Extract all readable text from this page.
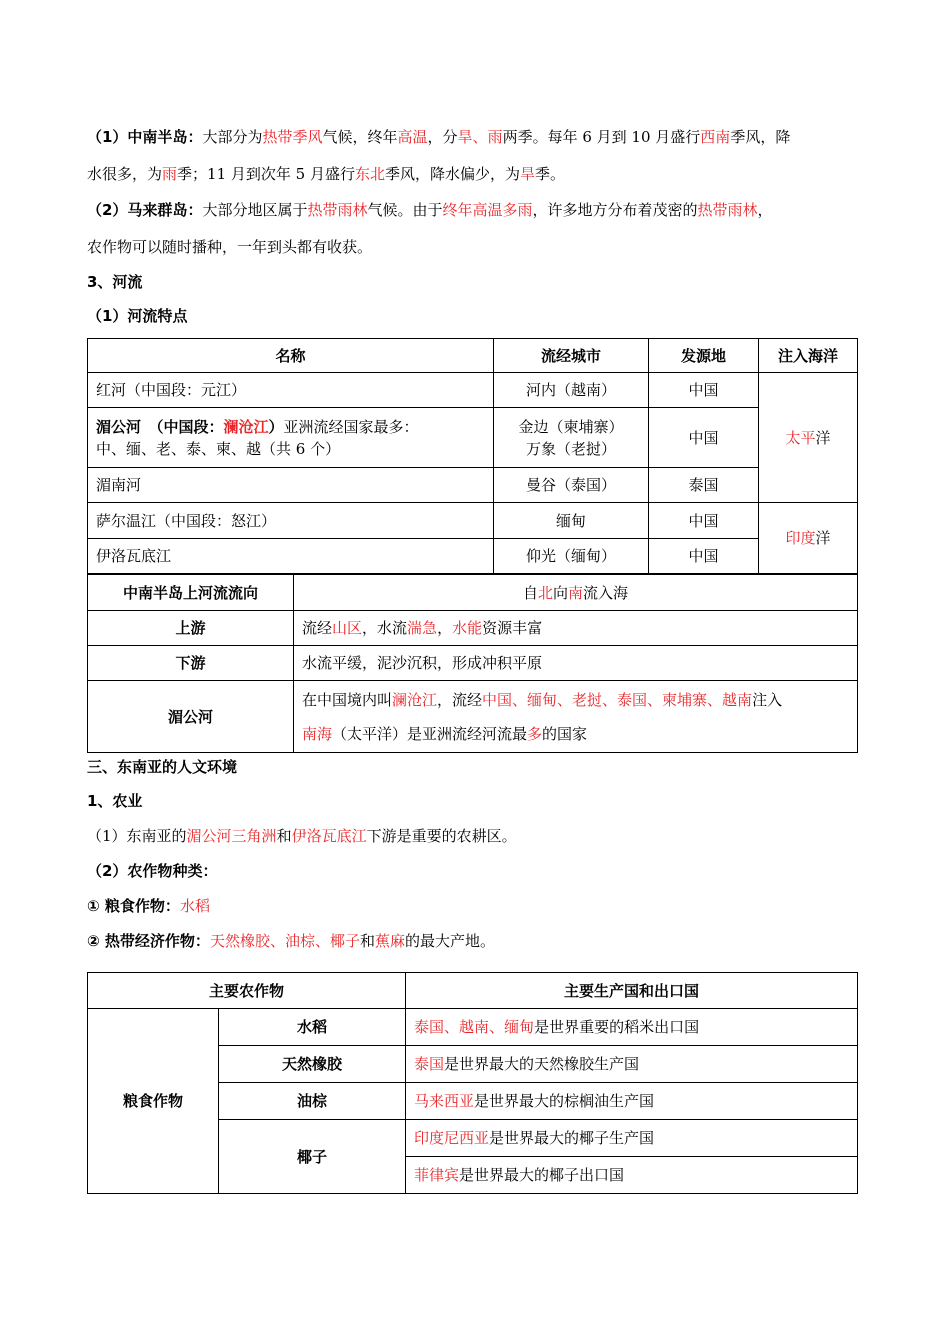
（1）中南半岛：大部分为热带季风气候，终年高温，分旱、雨两季。每年 6 月到 10 月盛行西南季风，降
水很多，为雨季；11 月到次年 5 月盛行东北季风，降水偏少，为旱季。
（2）马来群岛：大部分地区属于热带雨林气候。由于终年高温多雨，许多地方分布着茂密的热带雨林，
农作物可以随时播种，一年到头都有收获。
3、河流
（1）河流特点
名称	流经城市	发源地	注入海洋
红河（中国段：元江）	河内（越南）	中国	太平洋
湄公河　（中国段：澜沧江）亚洲流经国家最多：
中、缅、老、泰、柬、越（共 6 个）	金边（柬埔寨）
万象（老挝）	中国	
湄南河	曼谷（泰国）	泰国	
萨尔温江（中国段：怒江）	缅甸	中国	印度洋
伊洛瓦底江	仰光（缅甸）	中国	
中南半岛上河流流向	自北向南流入海
上游	流经山区，水流湍急，水能资源丰富
下游	水流平缓，泥沙沉积，形成冲积平原
湄公河	在中国境内叫澜沧江，流经中国、缅甸、老挝、泰国、柬埔寨、越南注入
南海（太平洋）是亚洲流经河流最多的国家
三、东南亚的人文环境
1、农业
（1）东南亚的湄公河三角洲和伊洛瓦底江下游是重要的农耕区。
（2）农作物种类：
① 粮食作物：水稻
② 热带经济作物：天然橡胶、油棕、椰子和蕉麻的最大产地。
主要农作物		主要生产国和出口国
粮食作物	水稻	泰国、越南、缅甸是世界重要的稻米出口国
	天然橡胶	泰国是世界最大的天然橡胶生产国
	油棕	马来西亚是世界最大的棕榈油生产国
	椰子	印度尼西亚是世界最大的椰子生产国
		菲律宾是世界最大的椰子出口国
